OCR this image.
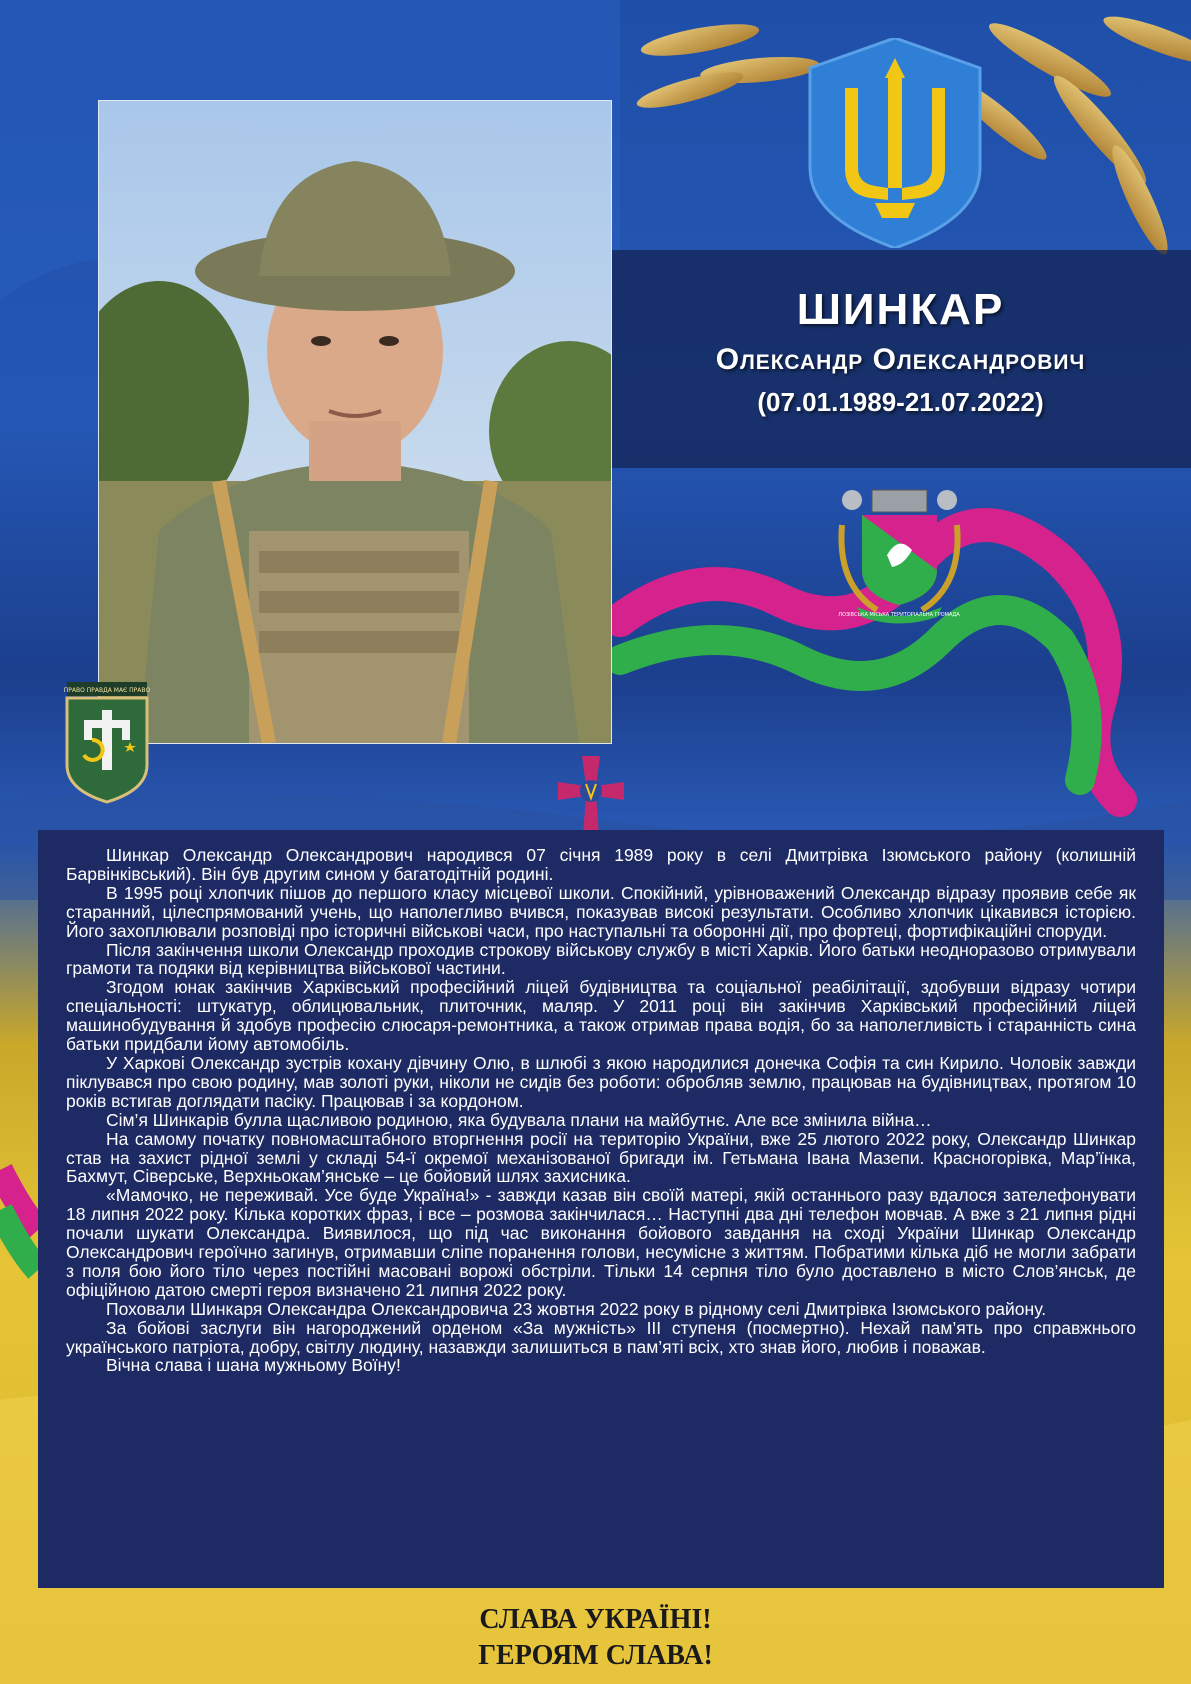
ЛОЗІВСЬКА МІСЬКА ТЕРИТОРІАЛЬНА ГРОМАДА
ПРАВО ПРАВДА МАЄ ПРАВО

ШИНКАР

Олександр Олександрович

(07.01.1989-21.07.2022)

Шинкар Олександр Олександрович народився 07 січня 1989 року в селі Дмитрівка Ізюмського району (колишній Барвінківський). Він був другим сином у багатодітній родині.

В 1995 році хлопчик пішов до першого класу місцевої школи. Спокійний, урівноважений Олександр відразу проявив себе як старанний, цілеспрямований учень, що наполегливо вчився, показував високі результати. Особливо хлопчик цікавився історією. Його захоплювали розповіді про історичні військові часи, про наступальні та оборонні дії, про фортеці, фортифікаційні споруди.

Після закінчення школи Олександр проходив строкову військову службу в місті Харків. Його батьки неодноразово отримували грамоти та подяки від керівництва військової частини.

Згодом юнак закінчив Харківський професійний ліцей будівництва та соціальної реабілітації, здобувши відразу чотири спеціальності: штукатур, облицювальник, плиточник, маляр. У 2011 році він закінчив Харківський професійний ліцей машинобудування й здобув професію слюсаря-ремонтника, а також отримав права водія, бо за наполегливість і старанність сина батьки придбали йому автомобіль.

У Харкові Олександр зустрів кохану дівчину Олю, в шлюбі з якою народилися донечка Софія та син Кирило. Чоловік завжди піклувався про свою родину, мав золоті руки, ніколи не сидів без роботи: обробляв землю, працював на будівництвах, протягом 10 років встигав доглядати пасіку. Працював і за кордоном.

Сім’я Шинкарів булла щасливою родиною, яка будувала плани на майбутнє. Але все змінила війна…

На самому початку повномасштабного вторгнення росії на територію України, вже 25 лютого 2022 року, Олександр Шинкар став на захист рідної землі у складі 54-ї окремої механізованої бригади ім. Гетьмана Івана Мазепи. Красногорівка, Мар’їнка, Бахмут, Сіверське, Верхньокам’янське – це бойовий шлях захисника.

«Мамочко, не переживай. Усе буде Україна!» - завжди казав він своїй матері, якій останнього разу вдалося зателефонувати 18 липня 2022 року. Кілька коротких фраз, і все – розмова закінчилася… Наступні два дні телефон мовчав. А вже з 21 липня рідні почали шукати Олександра. Виявилося, що під час виконання бойового завдання на сході України Шинкар Олександр Олександрович героїчно загинув, отримавши сліпе поранення голови, несумісне з життям. Побратими кілька діб не могли забрати з поля бою його тіло через постійні масовані ворожі обстріли. Тільки 14 серпня тіло було доставлено в місто Слов’янськ, де офіційною датою смерті героя визначено 21 липня 2022 року.

Поховали Шинкаря Олександра Олександровича 23 жовтня 2022 року в рідному селі Дмитрівка Ізюмського району.

За бойові заслуги він нагороджений орденом «За мужність» ІІІ ступеня (посмертно). Нехай пам’ять про справжнього українського патріота, добру, світлу людину, назавжди залишиться в пам’яті всіх, хто знав його, любив і поважав.

Вічна слава і шана мужньому Воїну!

СЛАВА УКРАЇНІ!
ГЕРОЯМ СЛАВА!
